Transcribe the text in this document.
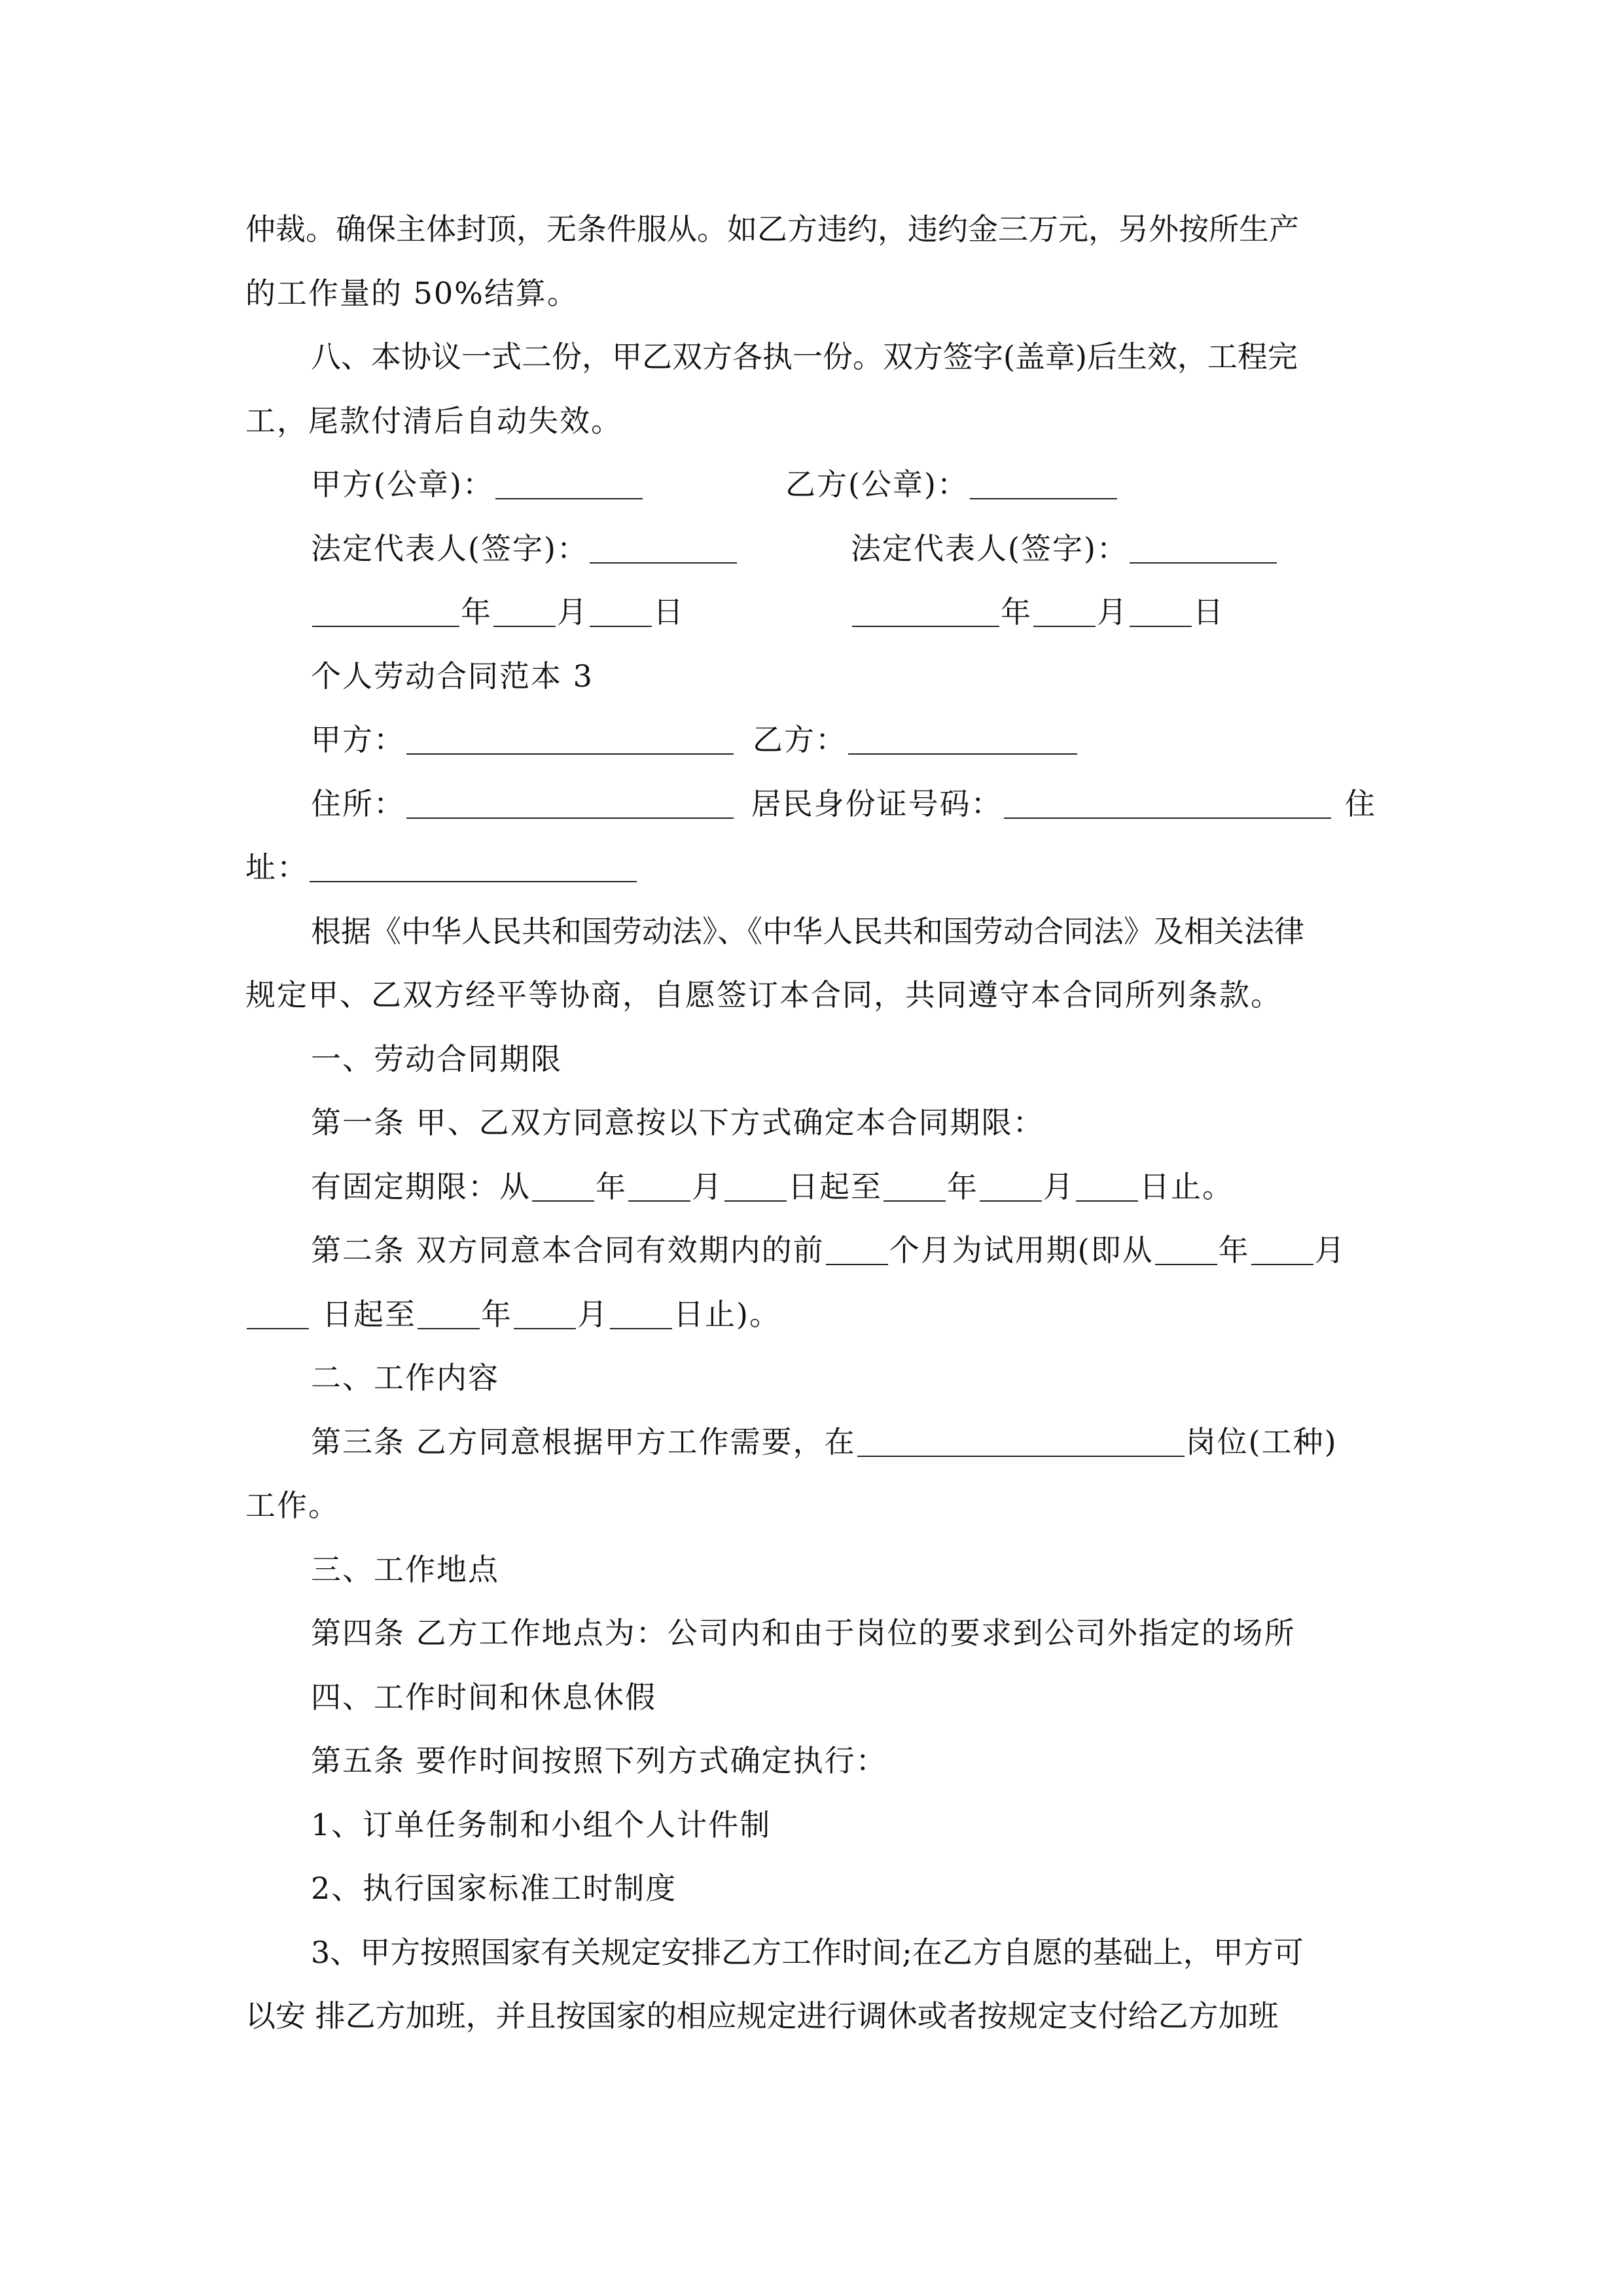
仲裁。确保主体封顶，无条件服从。如乙方违约，违约金三万元，另外按所生产
的工作量的 50%结算。
八、本协议一式二份，甲乙双方各执一份。双方签字(盖章)后生效，工程完
工，尾款付清后自动失效。
甲方(公章)：	乙方(公章)：
法定代表人(签字)：	法定代表人(签字)：
年 月 日	年 月 日
个人劳动合同范本 3
甲方：	乙方：
住所：	居民身份证号码：	住
址：
根据《中华人民共和国劳动法》、《中华人民共和国劳动合同法》及相关法律
规定甲、乙双方经平等协商，自愿签订本合同，共同遵守本合同所列条款。
一、劳动合同期限
第一条 甲、乙双方同意按以下方式确定本合同期限：
有固定期限：从 年 月 日起至 年 月 日止。
第二条 双方同意本合同有效期内的前 个月为试用期(即从 年 月
日起至 年 月 日止)。
二、工作内容
第三条 乙方同意根据甲方工作需要，在	岗位(工种)
工作。
三、工作地点
第四条 乙方工作地点为：公司内和由于岗位的要求到公司外指定的场所
四、工作时间和休息休假
第五条 要作时间按照下列方式确定执行：
1、订单任务制和小组个人计件制
2、执行国家标准工时制度
3、甲方按照国家有关规定安排乙方工作时间;在乙方自愿的基础上，甲方可
以安 排乙方加班，并且按国家的相应规定进行调休或者按规定支付给乙方加班
